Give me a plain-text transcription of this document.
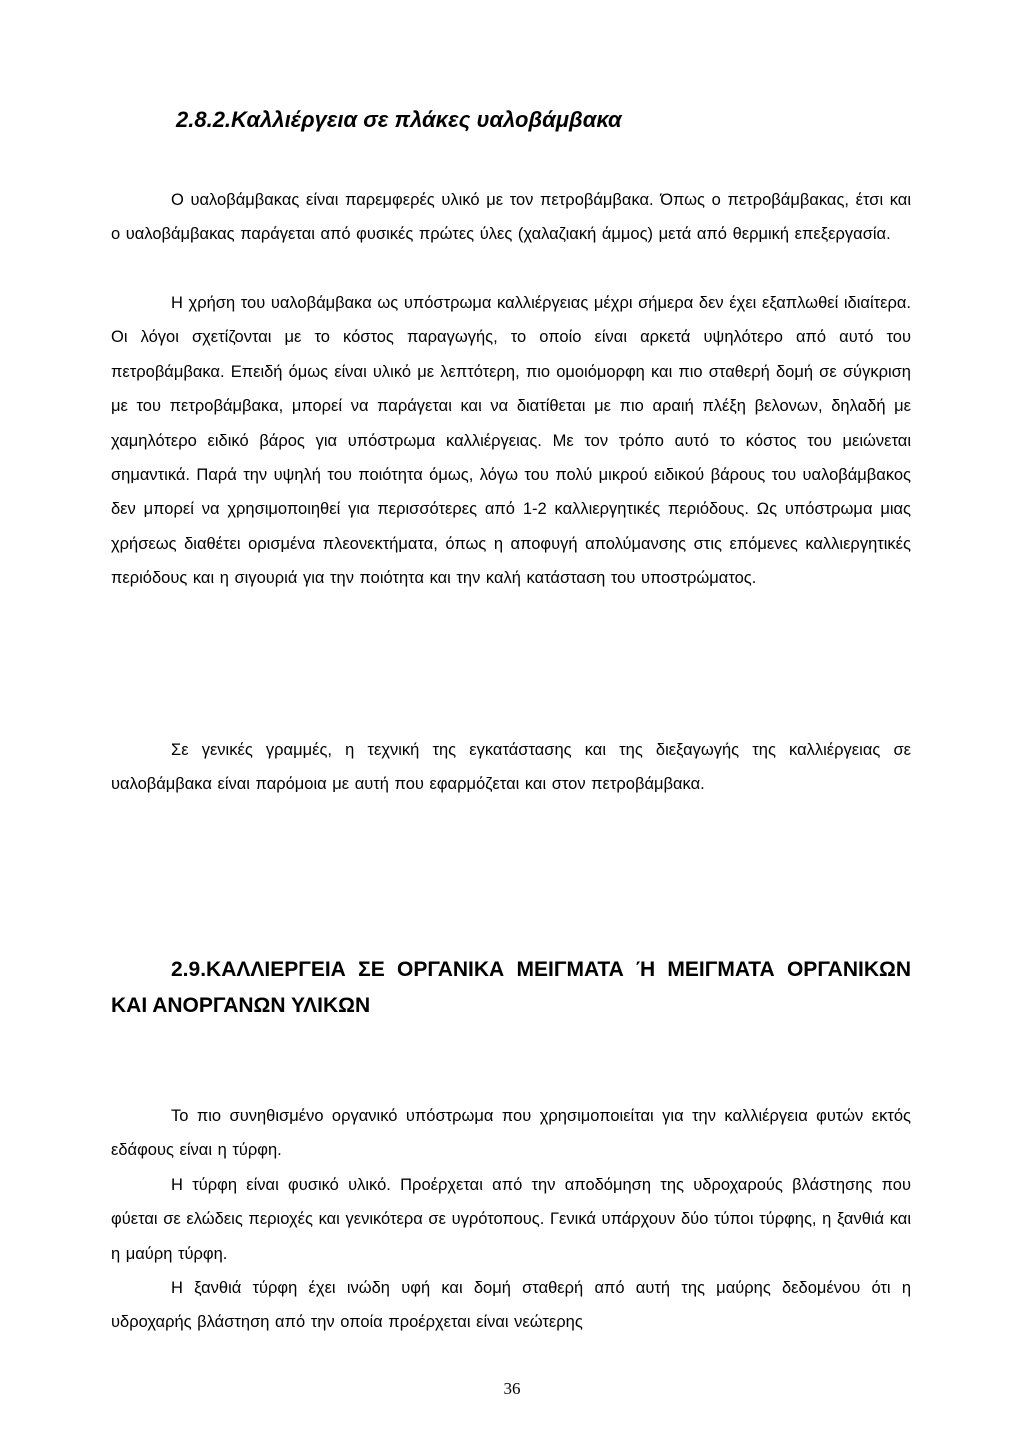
2.8.2.Καλλιέργεια σε πλάκες υαλοβάμβακα

Ο υαλοβάμβακας είναι παρεμφερές υλικό με τον πετροβάμβακα. Όπως ο πετροβάμβακας, έτσι και ο υαλοβάμβακας παράγεται από φυσικές πρώτες ύλες (χαλαζιακή άμμος) μετά από θερμική επεξεργασία.

Η χρήση του υαλοβάμβακα ως υπόστρωμα καλλιέργειας μέχρι σήμερα δεν έχει εξαπλωθεί ιδιαίτερα. Οι λόγοι σχετίζονται με το κόστος παραγωγής, το οποίο είναι αρκετά υψηλότερο από αυτό του πετροβάμβακα. Επειδή όμως είναι υλικό με λεπτότερη, πιο ομοιόμορφη και πιο σταθερή δομή σε σύγκριση με του πετροβάμβακα, μπορεί να παράγεται και να διατίθεται με πιο αραιή πλέξη βελονων, δηλαδή με χαμηλότερο ειδικό βάρος για υπόστρωμα καλλιέργειας. Με τον τρόπο αυτό το κόστος του μειώνεται σημαντικά. Παρά την υψηλή του ποιότητα όμως, λόγω του πολύ μικρού ειδικού βάρους του υαλοβάμβακος δεν μπορεί να χρησιμοποιηθεί για περισσότερες από 1-2 καλλιεργητικές περιόδους. Ως υπόστρωμα μιας χρήσεως διαθέτει ορισμένα πλεονεκτήματα, όπως η αποφυγή απολύμανσης στις επόμενες καλλιεργητικές περιόδους και η σιγουριά για την ποιότητα και την καλή κατάσταση του υποστρώματος.

Σε γενικές γραμμές, η τεχνική της εγκατάστασης και της διεξαγωγής της καλλιέργειας σε υαλοβάμβακα είναι παρόμοια με αυτή που εφαρμόζεται και στον πετροβάμβακα.

2.9.ΚΑΛΛΙΕΡΓΕΙΑ ΣΕ ΟΡΓΑΝΙΚΑ ΜΕΙΓΜΑΤΑ Ή ΜΕΙΓΜΑΤΑ ΟΡΓΑΝΙΚΩΝ ΚΑΙ ΑΝΟΡΓΑΝΩΝ ΥΛΙΚΩΝ

Το πιο συνηθισμένο οργανικό υπόστρωμα που χρησιμοποιείται για την καλλιέργεια φυτών εκτός εδάφους είναι η τύρφη.

Η τύρφη είναι φυσικό υλικό. Προέρχεται από την αποδόμηση της υδροχαρούς βλάστησης που φύεται σε ελώδεις περιοχές και γενικότερα σε υγρότοπους. Γενικά υπάρχουν δύο τύποι τύρφης, η ξανθιά και η μαύρη τύρφη.

Η ξανθιά τύρφη έχει ινώδη υφή και δομή σταθερή από αυτή της μαύρης δεδομένου ότι η υδροχαρής βλάστηση από την οποία προέρχεται είναι νεώτερης

36
